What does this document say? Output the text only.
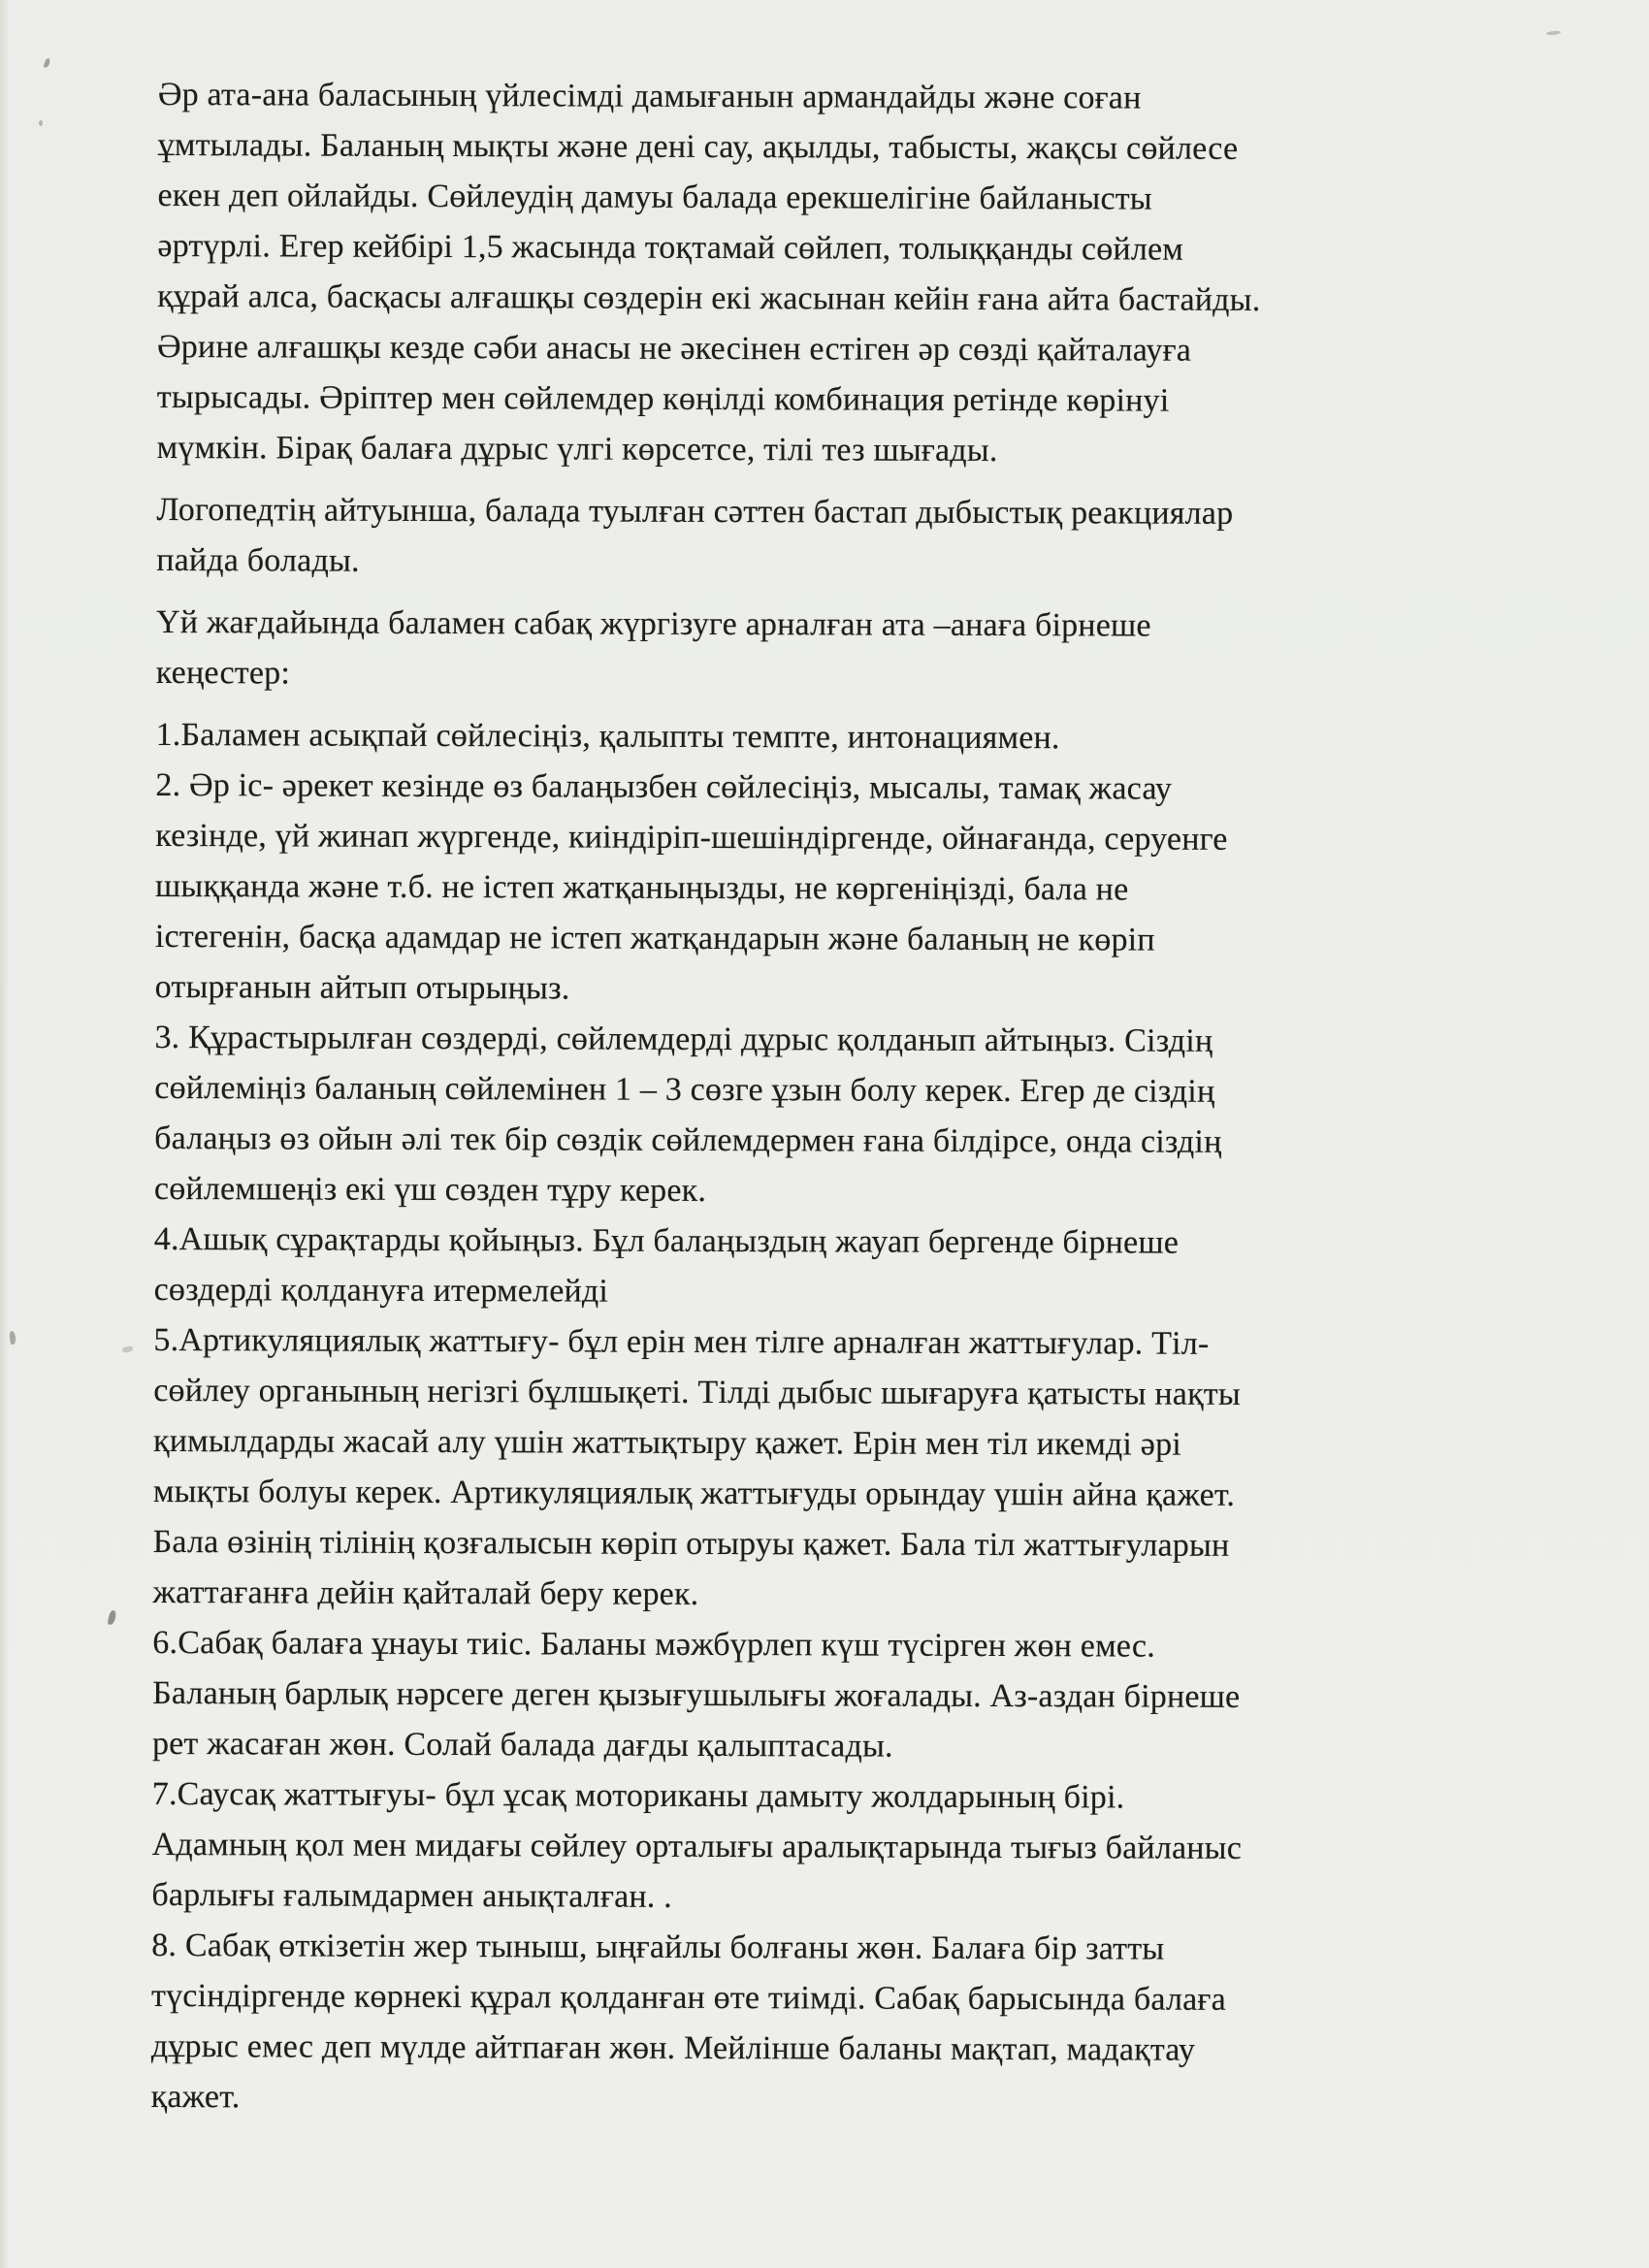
Әр ата-ана баласының үйлесімді дамығанын армандайды және соған
ұмтылады. Баланың мықты және дені сау, ақылды, табысты, жақсы сөйлесе
екен деп ойлайды. Сөйлеудің дамуы балада ерекшелігіне байланысты
әртүрлі. Егер кейбірі 1,5 жасында тоқтамай сөйлеп, толыққанды сөйлем
құрай алса, басқасы алғашқы сөздерін екі жасынан кейін ғана айта бастайды.
Әрине алғашқы кезде сәби анасы не әкесінен естіген әр сөзді қайталауға
тырысады. Әріптер мен сөйлемдер көңілді комбинация ретінде көрінуі
мүмкін. Бірақ балаға дұрыс үлгі көрсетсе, тілі тез шығады.

Логопедтің айтуынша, балада туылған сәттен бастап дыбыстық реакциялар
пайда болады.

Үй жағдайында баламен сабақ жүргізуге арналған ата –анаға бірнеше
кеңестер:

1.Баламен асықпай сөйлесіңіз, қалыпты темпте, интонациямен.

2. Әр іс- әрекет кезінде өз балаңызбен сөйлесіңіз, мысалы, тамақ жасау
кезінде, үй жинап жүргенде, киіндіріп-шешіндіргенде, ойнағанда, серуенге
шыққанда және т.б. не істеп жатқаныңызды, не көргеніңізді, бала не
істегенін, басқа адамдар не істеп жатқандарын және баланың не көріп
отырғанын айтып отырыңыз.

3. Құрастырылған сөздерді, сөйлемдерді дұрыс қолданып айтыңыз. Сіздің
сөйлеміңіз баланың сөйлемінен 1 – 3 сөзге ұзын болу керек. Егер де сіздің
балаңыз өз ойын әлі тек бір сөздік сөйлемдермен ғана білдірсе, онда сіздің
сөйлемшеңіз екі үш сөзден тұру керек.

4.Ашық сұрақтарды қойыңыз. Бұл балаңыздың жауап бергенде бірнеше
сөздерді қолдануға итермелейді

5.Артикуляциялық жаттығу- бұл ерін мен тілге арналған жаттығулар. Тіл-
сөйлеу органының негізгі бұлшықеті. Тілді дыбыс шығаруға қатысты нақты
қимылдарды жасай алу үшін жаттықтыру қажет. Ерін мен тіл икемді әрі
мықты болуы керек. Артикуляциялық жаттығуды орындау үшін айна қажет.
Бала өзінің тілінің қозғалысын көріп отыруы қажет. Бала тіл жаттығуларын
жаттағанға дейін қайталай беру керек.

6.Сабақ балаға ұнауы тиіс. Баланы мәжбүрлеп күш түсірген жөн емес.
Баланың барлық нәрсеге деген қызығушылығы жоғалады. Аз-аздан бірнеше
рет жасаған жөн. Солай балада дағды қалыптасады.

7.Саусақ жаттығуы- бұл ұсақ моториканы дамыту жолдарының бірі.
Адамның қол мен мидағы сөйлеу орталығы аралықтарында тығыз байланыс
барлығы ғалымдармен анықталған. .

8. Сабақ өткізетін жер тыныш, ыңғайлы болғаны жөн. Балаға бір затты
түсіндіргенде көрнекі құрал қолданған өте тиімді. Сабақ барысында балаға
дұрыс емес деп мүлде айтпаған жөн. Мейлінше баланы мақтап, мадақтау
қажет.
